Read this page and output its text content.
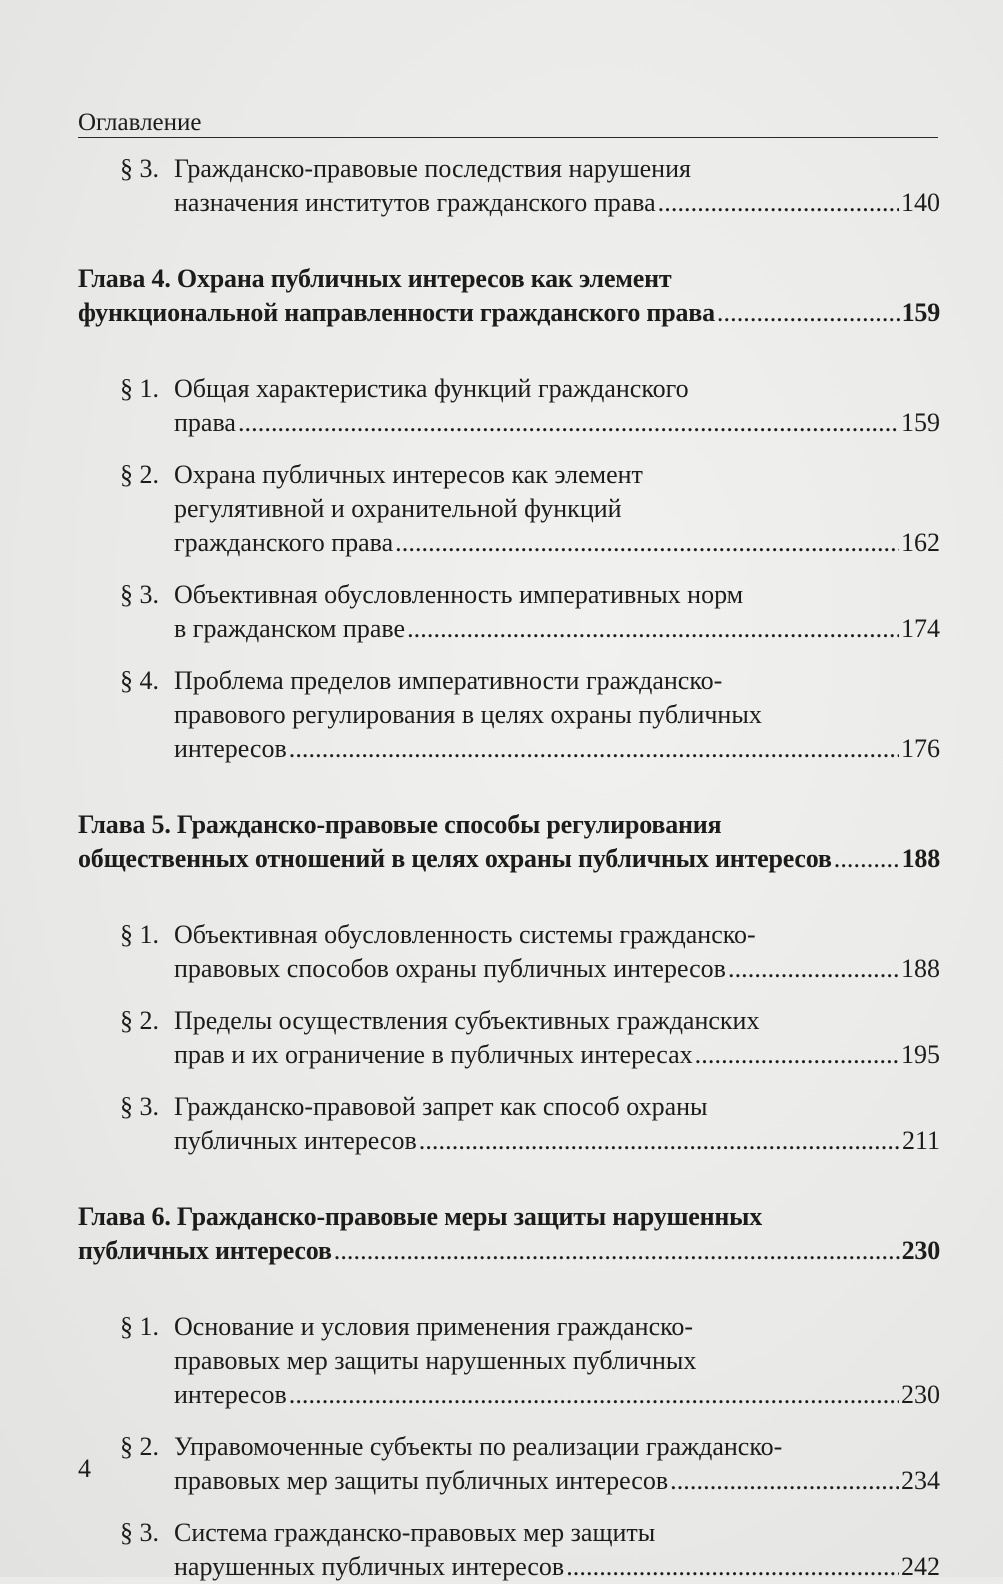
Оглавление
§ 3. Гражданско-правовые последствия нарушения
назначения институтов гражданского права . . .	140
Глава 4. Охрана публичных интересов как элемент
функциональной направленности гражданского права . . .	159
§ 1. Общая характеристика функций гражданского
права . . .	159
§ 2. Охрана публичных интересов как элемент
регулятивной и охранительной функций
гражданского права . . .	162
§ 3. Объективная обусловленность императивных норм
в гражданском праве . . .	174
§ 4. Проблема пределов императивности гражданско-
правового регулирования в целях охраны публичных
интересов . . .	176
Глава 5. Гражданско-правовые способы регулирования
общественных отношений в целях охраны публичных интересов . . .	188
§ 1. Объективная обусловленность системы гражданско-
правовых способов охраны публичных интересов . . .	188
§ 2. Пределы осуществления субъективных гражданских
прав и их ограничение в публичных интересах . . .	195
§ 3. Гражданско-правовой запрет как способ охраны
публичных интересов . . .	211
Глава 6. Гражданско-правовые меры защиты нарушенных
публичных интересов . . .	230
§ 1. Основание и условия применения гражданско-
правовых мер защиты нарушенных публичных
интересов . . .	230
§ 2. Управомоченные субъекты по реализации гражданско-
правовых мер защиты публичных интересов . . .	234
§ 3. Система гражданско-правовых мер защиты
нарушенных публичных интересов . . .	242
4
